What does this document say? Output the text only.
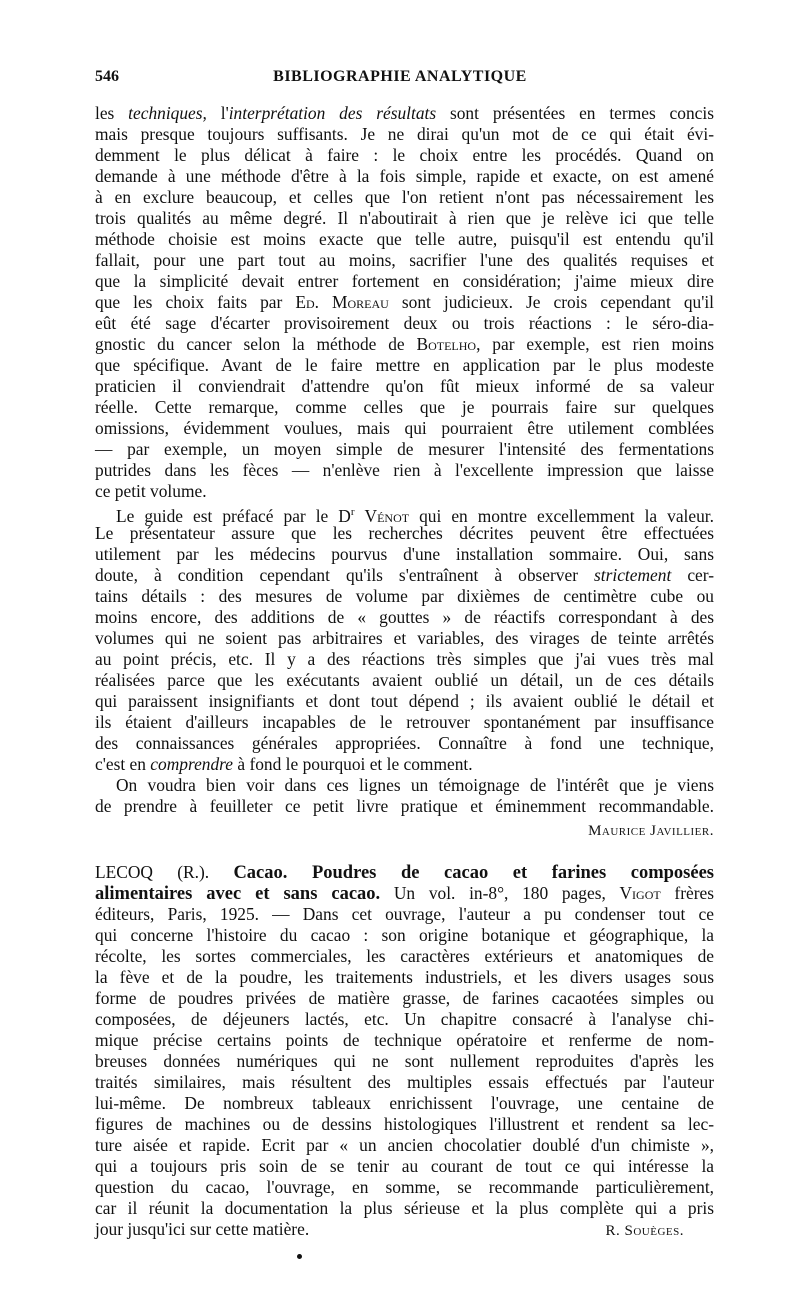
546	BIBLIOGRAPHIE ANALYTIQUE
les techniques, l'interprétation des résultats sont présentées en termes concis
mais presque toujours suffisants. Je ne dirai qu'un mot de ce qui était évi-
demment le plus délicat à faire : le choix entre les procédés. Quand on
demande à une méthode d'être à la fois simple, rapide et exacte, on est amené
à en exclure beaucoup, et celles que l'on retient n'ont pas nécessairement les
trois qualités au même degré. Il n'aboutirait à rien que je relève ici que telle
méthode choisie est moins exacte que telle autre, puisqu'il est entendu qu'il
fallait, pour une part tout au moins, sacrifier l'une des qualités requises et
que la simplicité devait entrer fortement en considération; j'aime mieux dire
que les choix faits par Ed. Moreau sont judicieux. Je crois cependant qu'il
eût été sage d'écarter provisoirement deux ou trois réactions : le séro-dia-
gnostic du cancer selon la méthode de Botelho, par exemple, est rien moins
que spécifique. Avant de le faire mettre en application par le plus modeste
praticien il conviendrait d'attendre qu'on fût mieux informé de sa valeur
réelle. Cette remarque, comme celles que je pourrais faire sur quelques
omissions, évidemment voulues, mais qui pourraient être utilement comblées
— par exemple, un moyen simple de mesurer l'intensité des fermentations
putrides dans les fèces — n'enlève rien à l'excellente impression que laisse
ce petit volume.
Le guide est préfacé par le $D^r$ Vénot qui en montre excellemment la valeur.
Le présentateur assure que les recherches décrites peuvent être effectuées
utilement par les médecins pourvus d'une installation sommaire. Oui, sans
doute, à condition cependant qu'ils s'entraînent à observer strictement cer-
tains détails : des mesures de volume par dixièmes de centimètre cube ou
moins encore, des additions de « gouttes » de réactifs correspondant à des
volumes qui ne soient pas arbitraires et variables, des virages de teinte arrêtés
au point précis, etc. Il y a des réactions très simples que j'ai vues très mal
réalisées parce que les exécutants avaient oublié un détail, un de ces détails
qui paraissent insignifiants et dont tout dépend ; ils avaient oublié le détail et
ils étaient d'ailleurs incapables de le retrouver spontanément par insuffisance
des connaissances générales appropriées. Connaître à fond une technique,
c'est en comprendre à fond le pourquoi et le comment.
On voudra bien voir dans ces lignes un témoignage de l'intérêt que je viens
de prendre à feuilleter ce petit livre pratique et éminemment recommandable.
Maurice Javillier.
LECOQ (R.). Cacao. Poudres de cacao et farines composées
alimentaires avec et sans cacao. Un vol. in-8°, 180 pages, Vigot frères
éditeurs, Paris, 1925. — Dans cet ouvrage, l'auteur a pu condenser tout ce
qui concerne l'histoire du cacao : son origine botanique et géographique, la
récolte, les sortes commerciales, les caractères extérieurs et anatomiques de
la fève et de la poudre, les traitements industriels, et les divers usages sous
forme de poudres privées de matière grasse, de farines cacaotées simples ou
composées, de déjeuners lactés, etc. Un chapitre consacré à l'analyse chi-
mique précise certains points de technique opératoire et renferme de nom-
breuses données numériques qui ne sont nullement reproduites d'après les
traités similaires, mais résultent des multiples essais effectués par l'auteur
lui-même. De nombreux tableaux enrichissent l'ouvrage, une centaine de
figures de machines ou de dessins histologiques l'illustrent et rendent sa lec-
ture aisée et rapide. Ecrit par « un ancien chocolatier doublé d'un chimiste »,
qui a toujours pris soin de se tenir au courant de tout ce qui intéresse la
question du cacao, l'ouvrage, en somme, se recommande particulièrement,
car il réunit la documentation la plus sérieuse et la plus complète qui a pris
jour jusqu'ici sur cette matière.	R. Souèges.
